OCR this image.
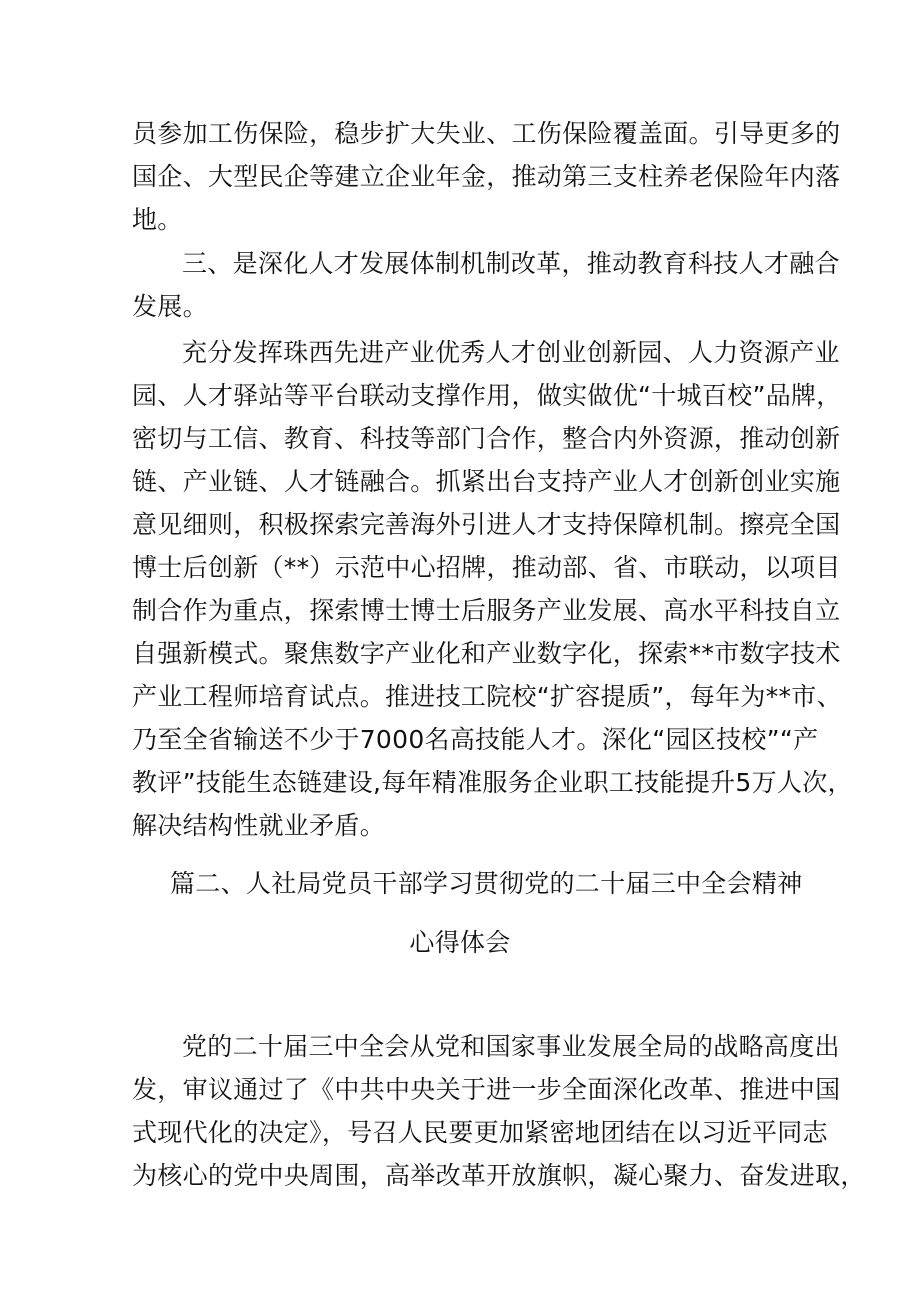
员参加工伤保险，稳步扩大失业、工伤保险覆盖面。引导更多的
国企、大型民企等建立企业年金，推动第三支柱养老保险年内落
地。
三、是深化人才发展体制机制改革，推动教育科技人才融合
发展。
充分发挥珠西先进产业优秀人才创业创新园、人力资源产业
园、人才驿站等平台联动支撑作用，做实做优“十城百校”品牌，
密切与工信、教育、科技等部门合作，整合内外资源，推动创新
链、产业链、人才链融合。抓紧出台支持产业人才创新创业实施
意见细则，积极探索完善海外引进人才支持保障机制。擦亮全国
博士后创新（**）示范中心招牌，推动部、省、市联动，以项目
制合作为重点，探索博士博士后服务产业发展、高水平科技自立
自强新模式。聚焦数字产业化和产业数字化，探索**市数字技术
产业工程师培育试点。推进技工院校“扩容提质”，每年为**市、
乃至全省输送不少于7000名高技能人才。深化“园区技校”“产
教评”技能生态链建设,每年精准服务企业职工技能提升5万人次，
解决结构性就业矛盾。
篇二、人社局党员干部学习贯彻党的二十届三中全会精神
心得体会
党的二十届三中全会从党和国家事业发展全局的战略高度出
发，审议通过了《中共中央关于进一步全面深化改革、推进中国
式现代化的决定》，号召人民要更加紧密地团结在以习近平同志
为核心的党中央周围，高举改革开放旗帜，凝心聚力、奋发进取，
